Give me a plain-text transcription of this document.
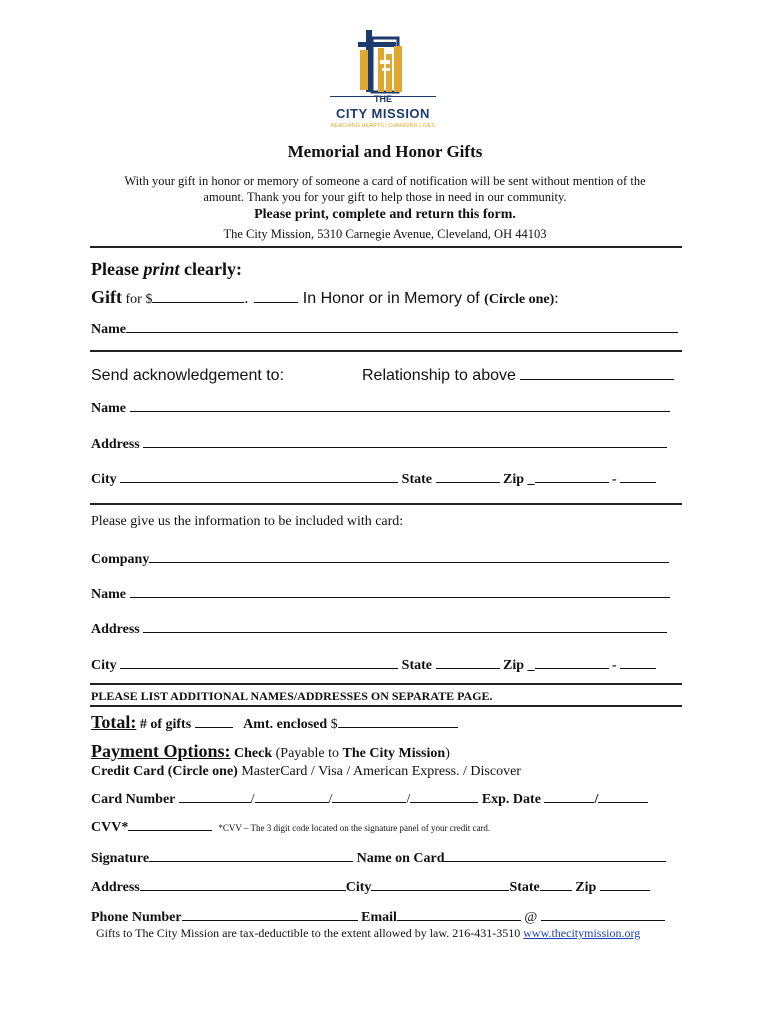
THE
CITY MISSION
REACHING HEARTS | CHANGING LIVES
Memorial and Honor Gifts
With your gift in honor or memory of someone a card of notification will be sent without mention of the
amount. Thank you for your gift to help those in need in our community.
Please print, complete and return this form.
The City Mission, 5310 Carnegie Avenue, Cleveland, OH 44103
Please print clearly:
Gift for $	.	In Honor or in Memory of (Circle one):
Name
Send acknowledgement to:	Relationship to above
Name
Address
City	State	Zip _	-
Please give us the information to be included with card:
Company
Name
Address
City	State	Zip _	-
PLEASE LIST ADDITIONAL NAMES/ADDRESSES ON SEPARATE PAGE.
Total: # of gifts	Amt. enclosed $
Payment Options: Check (Payable to The City Mission)
Credit Card (Circle one) MasterCard / Visa / American Express. / Discover
Card Number	/	/	/	Exp. Date	/
CVV*	*CVV – The 3 digit code located on the signature panel of your credit card.
Signature	Name on Card
Address	City	State	Zip
Phone Number	Email	@
Gifts to The City Mission are tax-deductible to the extent allowed by law. 216-431-3510 www.thecitymission.org
